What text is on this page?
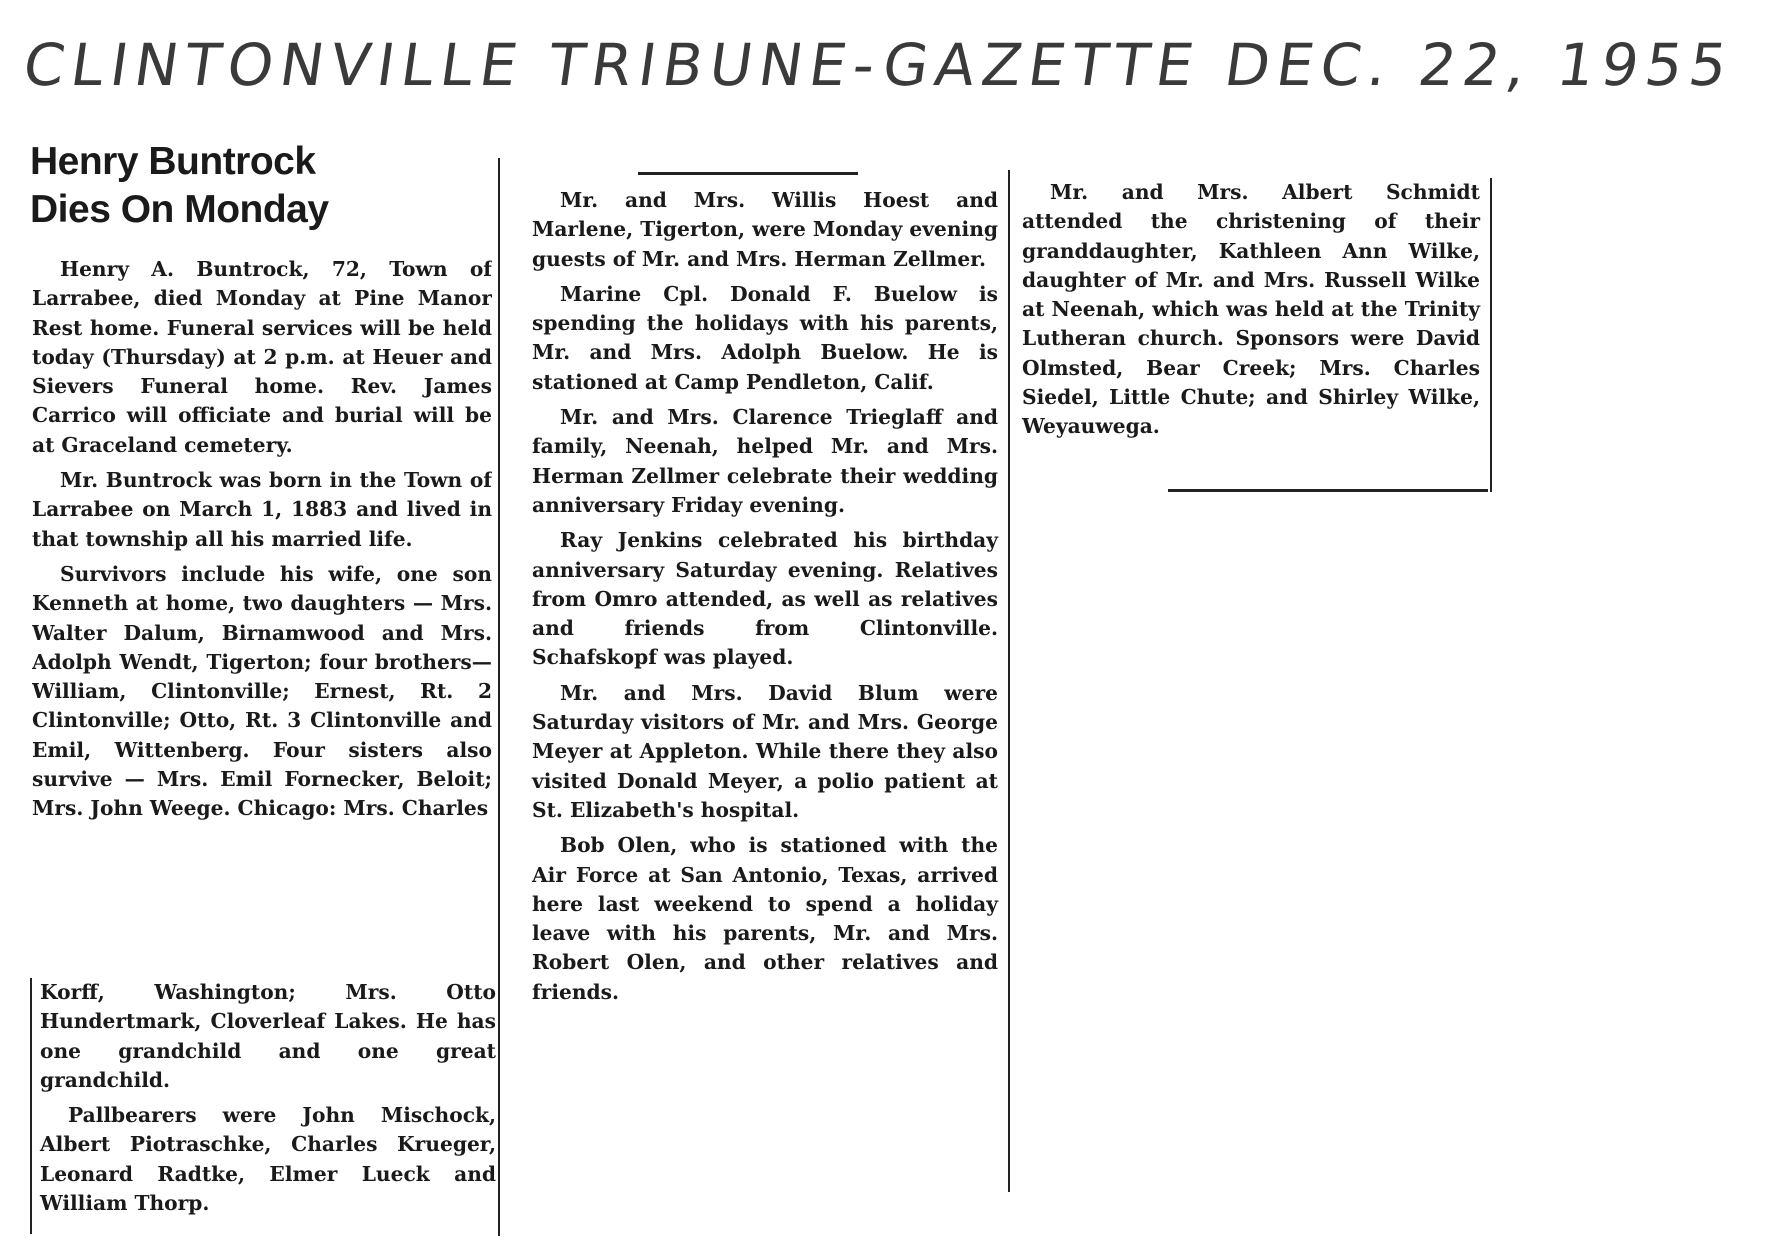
CLINTONVILLE TRIBUNE-GAZETTE DEC. 22, 1955
Henry Buntrock
Dies On Monday

Henry A. Buntrock, 72, Town of Larrabee, died Monday at Pine Manor Rest home. Funeral services will be held today (Thursday) at 2 p.m. at Heuer and Sievers Funeral home. Rev. James Carrico will officiate and burial will be at Graceland cemetery.

Mr. Buntrock was born in the Town of Larrabee on March 1, 1883 and lived in that township all his married life.

Survivors include his wife, one son Kenneth at home, two daughters — Mrs. Walter Dalum, Birnamwood and Mrs. Adolph Wendt, Tigerton; four brothers— William, Clintonville; Ernest, Rt. 2 Clintonville; Otto, Rt. 3 Clintonville and Emil, Wittenberg. Four sisters also survive — Mrs. Emil Fornecker, Beloit; Mrs. John Weege. Chicago: Mrs. Charles

Korff, Washington; Mrs. Otto Hundertmark, Cloverleaf Lakes. He has one grandchild and one great grandchild.

Pallbearers were John Mischock, Albert Piotraschke, Charles Krueger, Leonard Radtke, Elmer Lueck and William Thorp.

Mr. and Mrs. Willis Hoest and Marlene, Tigerton, were Monday evening guests of Mr. and Mrs. Herman Zellmer.

Marine Cpl. Donald F. Buelow is spending the holidays with his parents, Mr. and Mrs. Adolph Buelow. He is stationed at Camp Pendleton, Calif.

Mr. and Mrs. Clarence Trieglaff and family, Neenah, helped Mr. and Mrs. Herman Zellmer celebrate their wedding anniversary Friday evening.

Ray Jenkins celebrated his birthday anniversary Saturday evening. Relatives from Omro attended, as well as relatives and friends from Clintonville. Schafskopf was played.

Mr. and Mrs. David Blum were Saturday visitors of Mr. and Mrs. George Meyer at Appleton. While there they also visited Donald Meyer, a polio patient at St. Elizabeth's hospital.

Bob Olen, who is stationed with the Air Force at San Antonio, Texas, arrived here last weekend to spend a holiday leave with his parents, Mr. and Mrs. Robert Olen, and other relatives and friends.

Mr. and Mrs. Albert Schmidt attended the christening of their granddaughter, Kathleen Ann Wilke, daughter of Mr. and Mrs. Russell Wilke at Neenah, which was held at the Trinity Lutheran church. Sponsors were David Olmsted, Bear Creek; Mrs. Charles Siedel, Little Chute; and Shirley Wilke, Weyauwega.
